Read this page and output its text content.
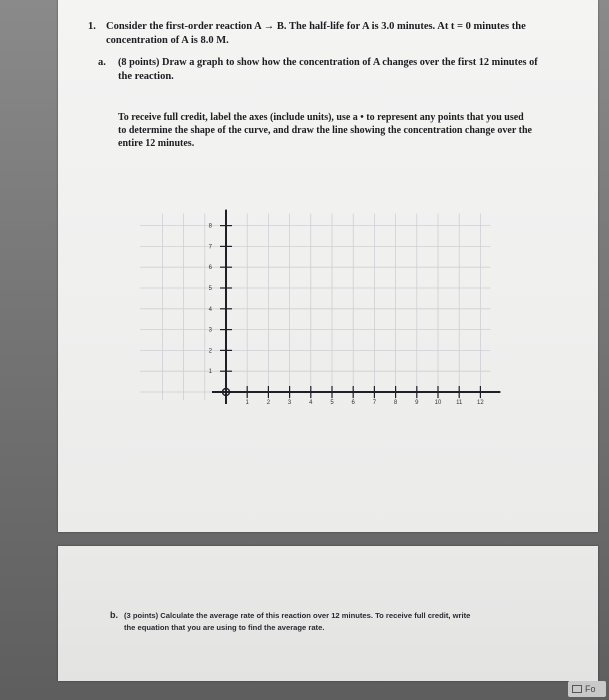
1. Consider the first-order reaction A → B. The half-life for A is 3.0 minutes. At t = 0 minutes the
concentration of A is 8.0 M.
a. (8 points) Draw a graph to show how the concentration of A changes over the first 12 minutes of
the reaction.
To receive full credit, label the axes (include units), use a • to represent any points that you used
to determine the shape of the curve, and draw the line showing the concentration change over the
entire 12 minutes.
1
2
3
4
5
6
7
8
1	2	3	4	5	6	7	8	9	10 11 12
b. (3 points) Calculate the average rate of this reaction over 12 minutes. To receive full credit, write
the equation that you are using to find the average rate.
Fo
